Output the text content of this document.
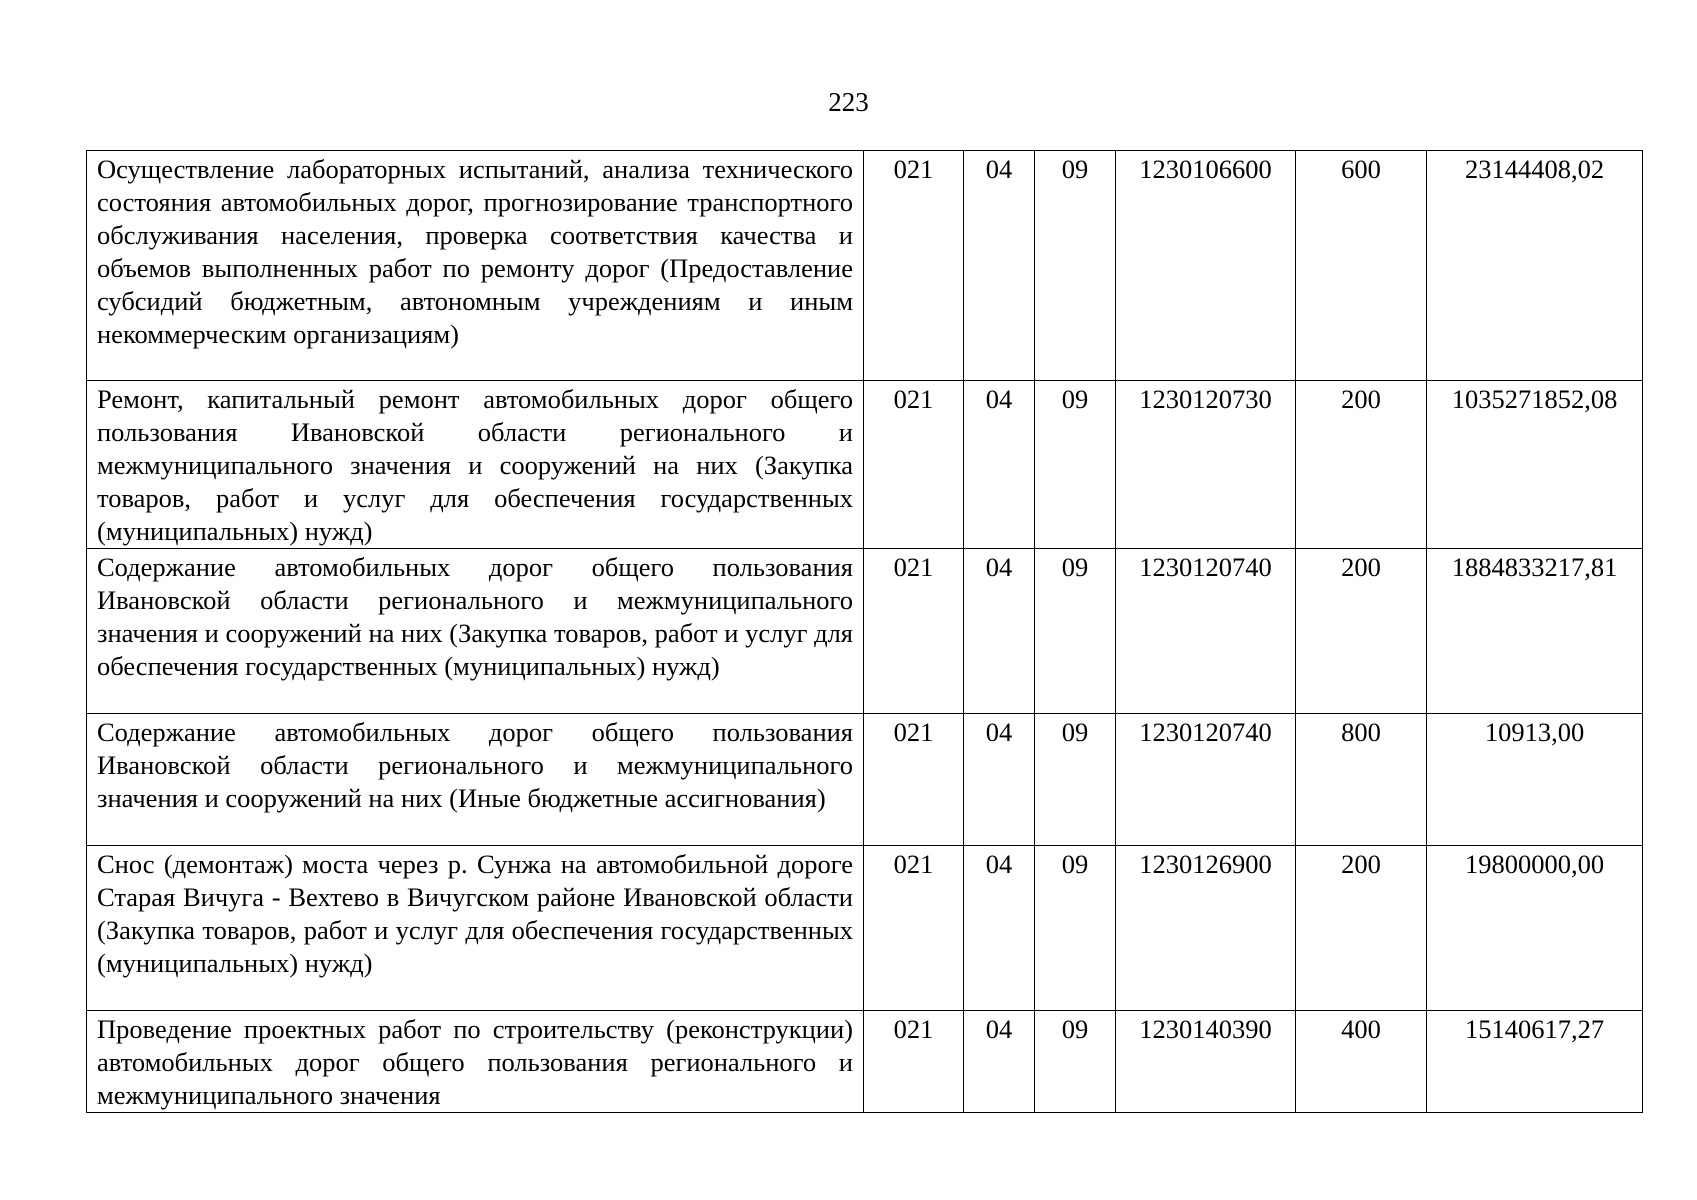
223
Осуществление лабораторных испытаний, анализа технического состояния автомобильных дорог, прогнозирование транспортного обслуживания населения, проверка соответствия качества и объемов выполненных работ по ремонту дорог (Предоставление субсидий бюджетным, автономным учреждениям и иным некоммерческим организациям)	021	04	09	1230106600	600	23144408,02
Ремонт, капитальный ремонт автомобильных дорог общего пользования Ивановской области регионального и межмуниципального значения и сооружений на них (Закупка товаров, работ и услуг для обеспечения государственных (муниципальных) нужд)	021	04	09	1230120730	200	1035271852,08
Содержание автомобильных дорог общего пользования Ивановской области регионального и межмуниципального значения и сооружений на них (Закупка товаров, работ и услуг для обеспечения государственных (муниципальных) нужд)	021	04	09	1230120740	200	1884833217,81
Содержание автомобильных дорог общего пользования Ивановской области регионального и межмуниципального значения и сооружений на них (Иные бюджетные ассигнования)	021	04	09	1230120740	800	10913,00
Снос (демонтаж) моста через р. Сунжа на автомобильной дороге Старая Вичуга - Вехтево в Вичугском районе Ивановской области (Закупка товаров, работ и услуг для обеспечения государственных (муниципальных) нужд)	021	04	09	1230126900	200	19800000,00
Проведение проектных работ по строительству (реконструкции) автомобильных дорог общего пользования регионального и межмуниципального значения	021	04	09	1230140390	400	15140617,27
